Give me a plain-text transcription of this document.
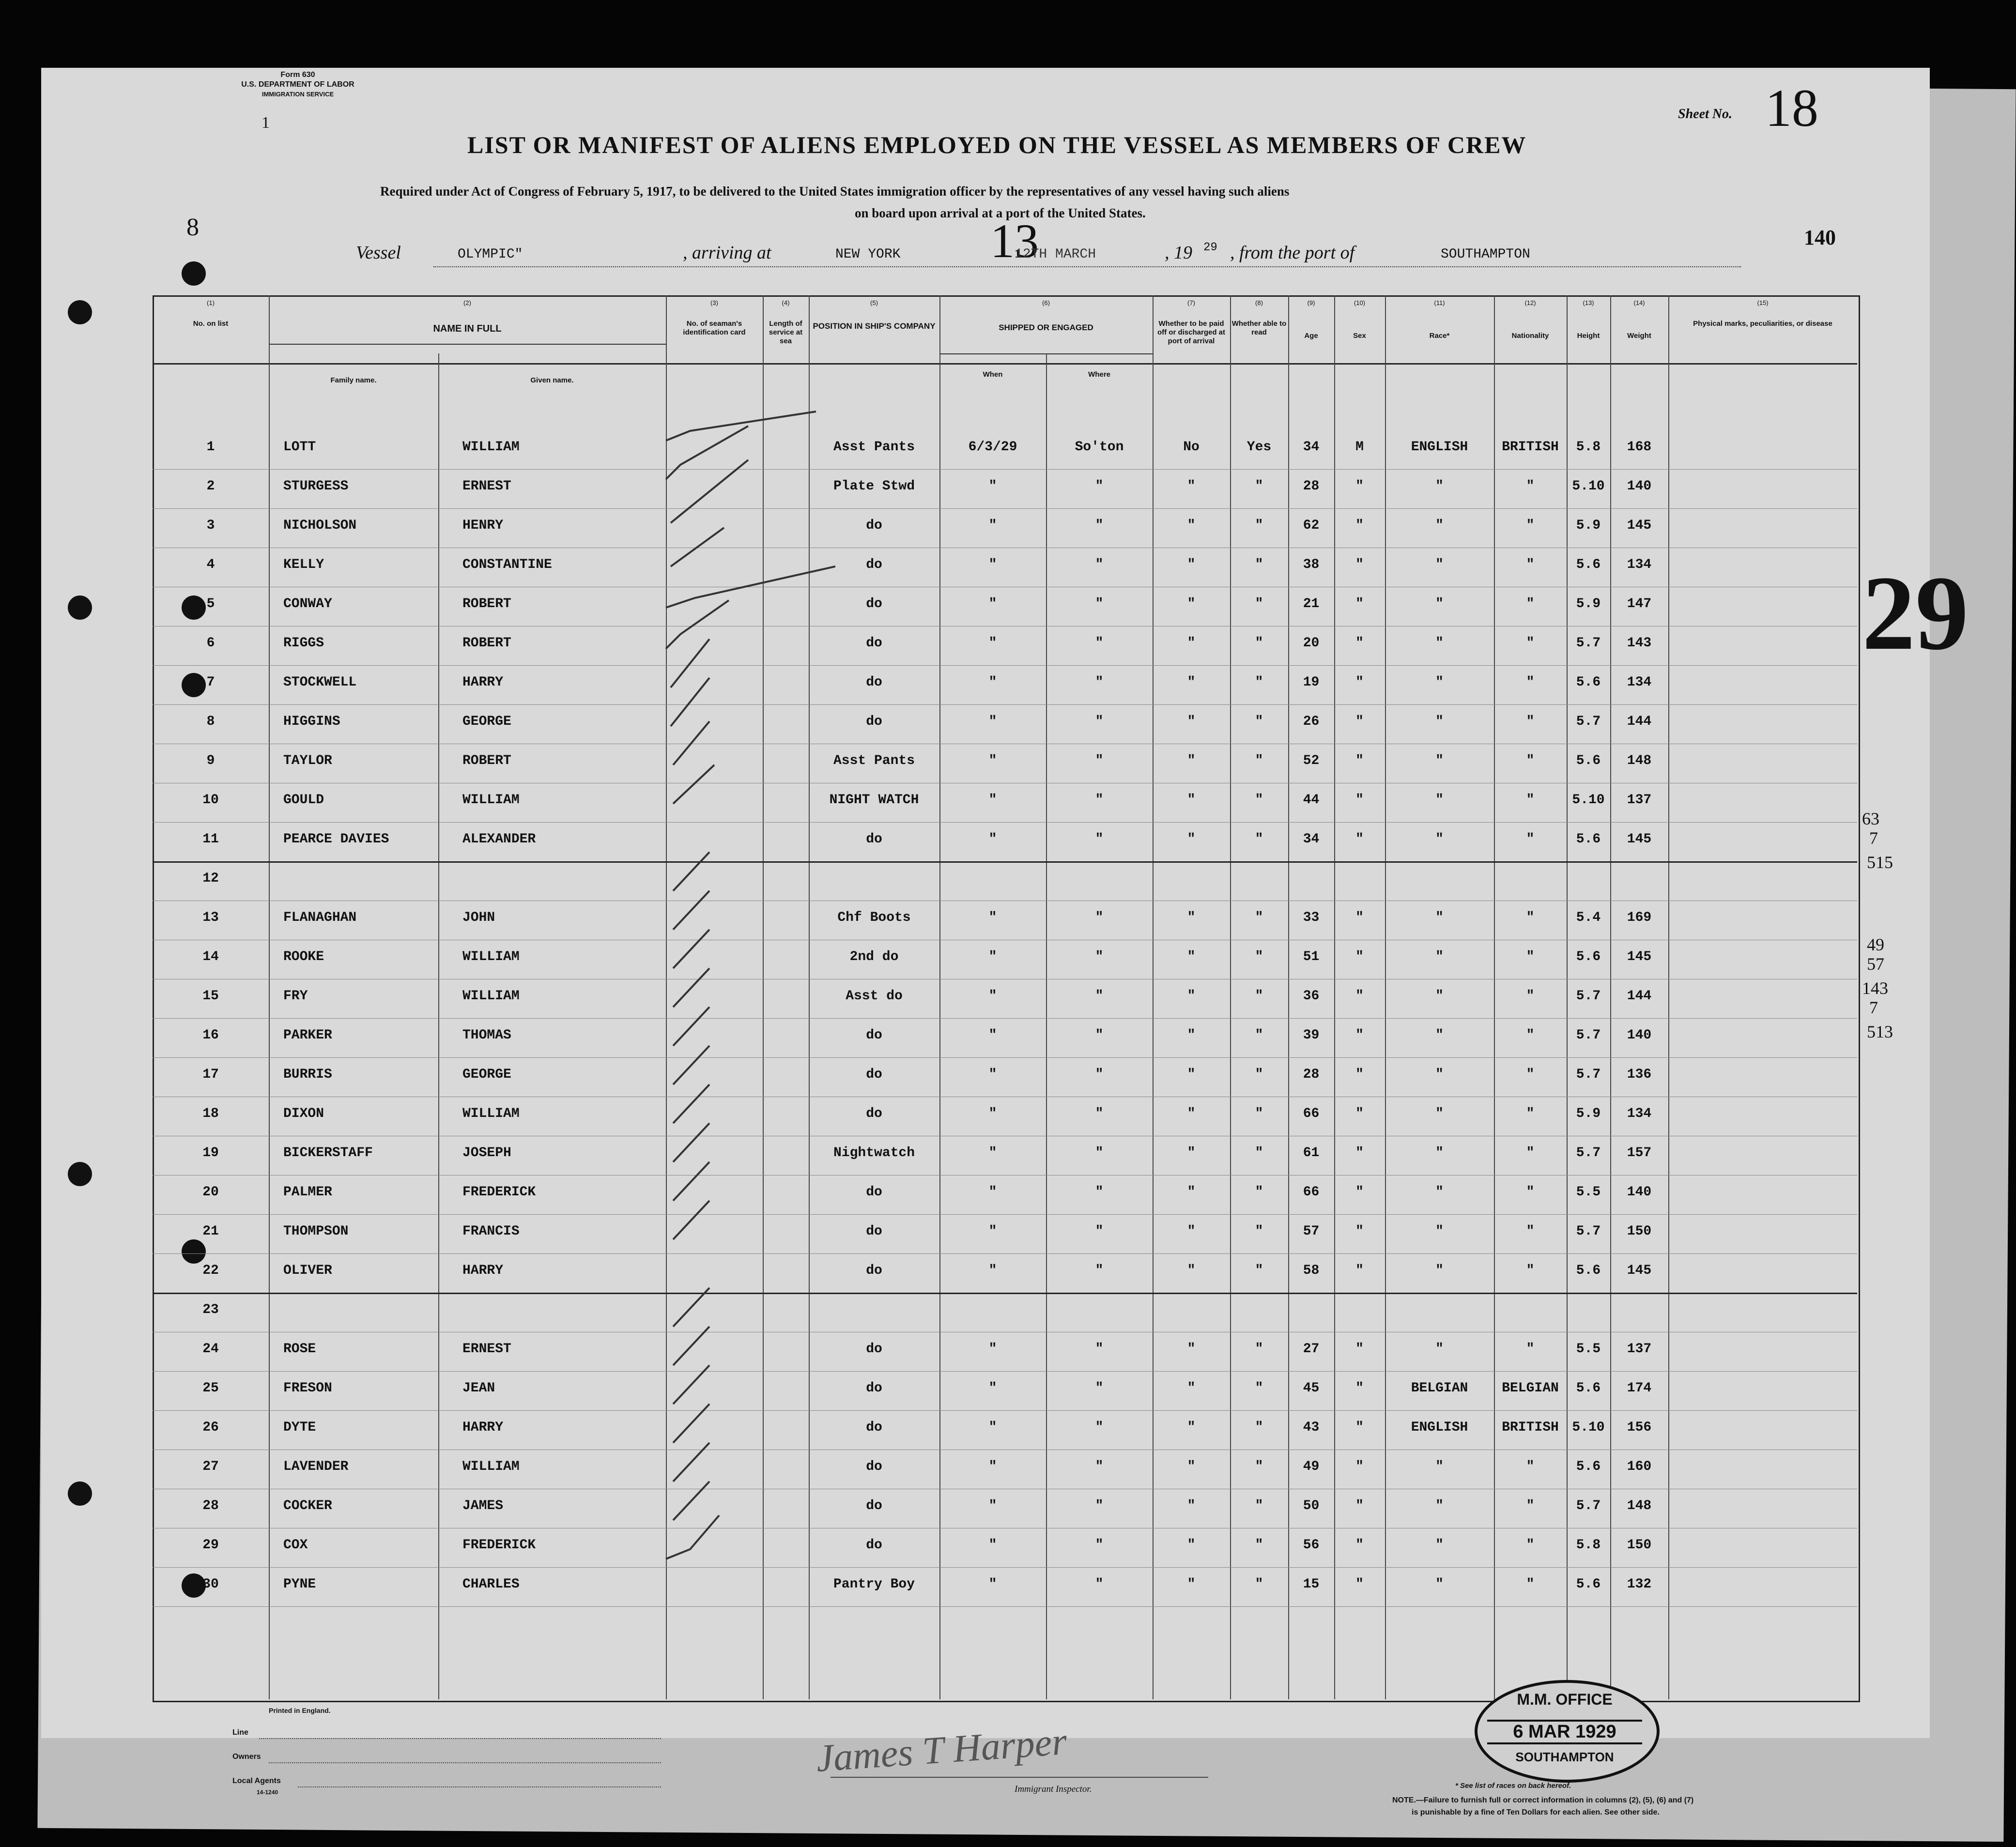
Form 630
U.S. DEPARTMENT OF LABOR
IMMIGRATION SERVICE
1
8
Sheet No. 18
LIST OR MANIFEST OF ALIENS EMPLOYED ON THE VESSEL AS MEMBERS OF CREW
Required under Act of Congress of February 5, 1917, to be delivered to the United States immigration officer by the representatives of any vessel having such aliens
on board upon arrival at a port of the United States.
140
Vessel	OLYMPIC"	, arriving at	NEW YORK 13
12TH MARCH	, 19 29 , from the port of	SOUTHAMPTON
(1)	(2)	(3)	(4)	(5)	(6)	(7)	(8)	(9)	(10)	(11)	(12)	(13)	(14)	(15)
No. on list	NAME IN FULL
Family name.	Given name.
No. of seaman's identification card
Length of service at sea
POSITION IN SHIP'S COMPANY	SHIPPED OR ENGAGED
When	Where
Whether to be paid off or discharged at port of arrival
Whether able to read	Age	Sex	Race*	Nationality	Height	Weight
Physical marks, peculiarities, or disease
1	LOTT	WILLIAM	Asst Pants	6/3/29	So'ton	No	Yes	34	M	ENGLISH	BRITISH	5.8	168
2	STURGESS	ERNEST	Plate Stwd	"	"	"	"	28	"	"	"	5.10	140
3	NICHOLSON	HENRY	do	"	"	"	"	62	"	"	"	5.9	145
4	KELLY	CONSTANTINE	do	"	"	"	"	38	"	"	"	5.6	134
5	CONWAY	ROBERT	do	"	"	"	"	21	"	"	"	5.9	147
6	RIGGS	ROBERT	do	"	"	"	"	20	"	"	"	5.7	143
7	STOCKWELL	HARRY	do	"	"	"	"	19	"	"	"	5.6	134
8	HIGGINS	GEORGE	do	"	"	"	"	26	"	"	"	5.7	144
9	TAYLOR	ROBERT	Asst Pants	"	"	"	"	52	"	"	"	5.6	148
10	GOULD	WILLIAM	NIGHT WATCH	"	"	"	"	44	"	"	"	5.10	137
11	PEARCE DAVIES	ALEXANDER	do	"	"	"	"	34	"	"	"	5.6	145
12
13	FLANAGHAN	JOHN	Chf Boots	"	"	"	"	33	"	"	"	5.4	169
14	ROOKE	WILLIAM	2nd do	"	"	"	"	51	"	"	"	5.6	145
15	FRY	WILLIAM	Asst do	"	"	"	"	36	"	"	"	5.7	144
16	PARKER	THOMAS	do	"	"	"	"	39	"	"	"	5.7	140
17	BURRIS	GEORGE	do	"	"	"	"	28	"	"	"	5.7	136
18	DIXON	WILLIAM	do	"	"	"	"	66	"	"	"	5.9	134
19	BICKERSTAFF	JOSEPH	Nightwatch	"	"	"	"	61	"	"	"	5.7	157
20	PALMER	FREDERICK	do	"	"	"	"	66	"	"	"	5.5	140
21	THOMPSON	FRANCIS	do	"	"	"	"	57	"	"	"	5.7	150
22	OLIVER	HARRY	do	"	"	"	"	58	"	"	"	5.6	145
23
24	ROSE	ERNEST	do	"	"	"	"	27	"	"	"	5.5	137
25	FRESON	JEAN	do	"	"	"	"	45	"	BELGIAN	BELGIAN	5.6	174
26	DYTE	HARRY	do	"	"	"	"	43	"	ENGLISH	BRITISH 5.10	156
27	LAVENDER	WILLIAM	do	"	"	"	"	49	"	"	"	5.6	160
28	COCKER	JAMES	do	"	"	"	"	50	"	"	"	5.7	148
29	COX	FREDERICK	do	"	"	"	"	56	"	"	"	5.8	150
30	PYNE	CHARLES	Pantry Boy	"	"	"	"	15	"	"	"	5.6	132
Printed in England.
Line
Owners
Local Agents
14-1240
James T Harper
Immigrant Inspector.	* See list of races on back hereof.
NOTE.—Failure to furnish full or correct information in columns (2), (5), (6) and (7)
is punishable by a fine of Ten Dollars for each alien. See other side.
M.M. OFFICE
6 MAR 1929
SOUTHAMPTON
29
63
7
515
49
57
143
7
513
